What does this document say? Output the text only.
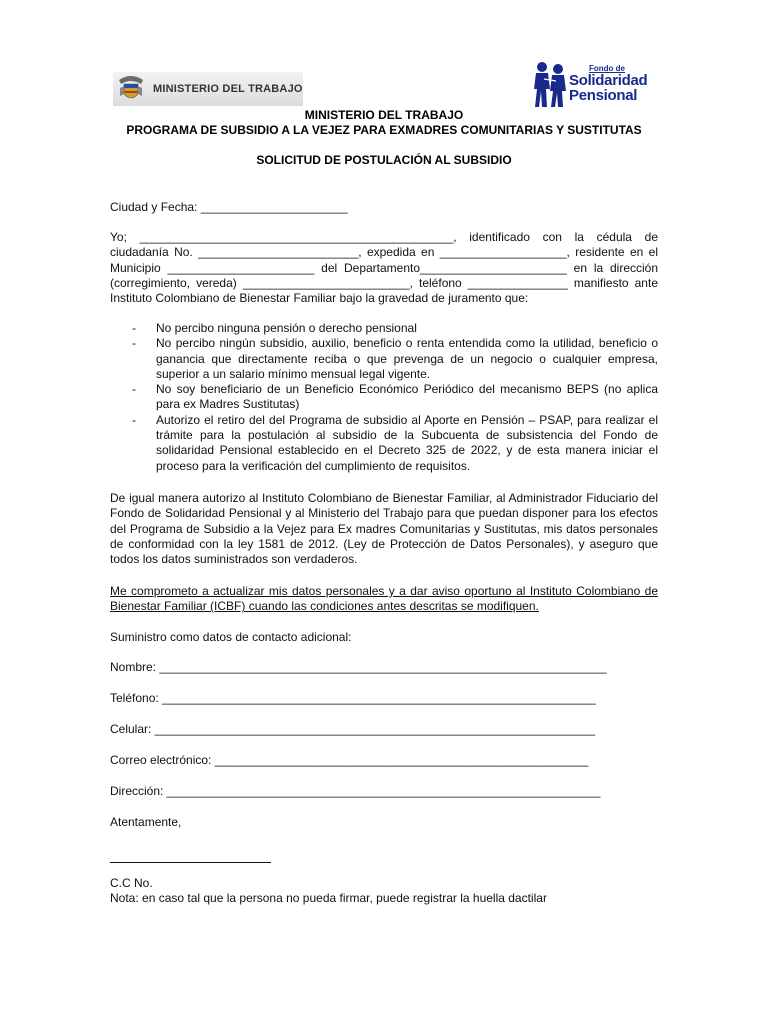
MINISTERIO DEL TRABAJO
Fondo de
Solidaridad
Pensional
MINISTERIO DEL TRABAJO
PROGRAMA DE SUBSIDIO A LA VEJEZ PARA EXMADRES COMUNITARIAS Y SUSTITUTAS
SOLICITUD DE POSTULACIÓN AL SUBSIDIO
Ciudad y Fecha: ______________________
Yo; _______________________________________________, identificado con la cédula de ciudadanía No. ________________________, expedida en ___________________, residente en el Municipio ______________________ del Departamento______________________ en la dirección (corregimiento, vereda) _________________________, teléfono _______________ manifiesto ante Instituto Colombiano de Bienestar Familiar bajo la gravedad de juramento que:
- No percibo ninguna pensión o derecho pensional
- No percibo ningún subsidio, auxilio, beneficio o renta entendida como la utilidad, beneficio o ganancia que directamente reciba o que prevenga de un negocio o cualquier empresa, superior a un salario mínimo mensual legal vigente.
- No soy beneficiario de un Beneficio Económico Periódico del mecanismo BEPS (no aplica para ex Madres Sustitutas)
- Autorizo el retiro del del Programa de subsidio al Aporte en Pensión – PSAP, para realizar el trámite para la postulación al subsidio de la Subcuenta de subsistencia del Fondo de solidaridad Pensional establecido en el Decreto 325 de 2022, y de esta manera iniciar el proceso para la verificación del cumplimiento de requisitos.
De igual manera autorizo al Instituto Colombiano de Bienestar Familiar, al Administrador Fiduciario del Fondo de Solidaridad Pensional y al Ministerio del Trabajo para que puedan disponer para los efectos del Programa de Subsidio a la Vejez para Ex madres Comunitarias y Sustitutas, mis datos personales de conformidad con la ley 1581 de 2012. (Ley de Protección de Datos Personales), y aseguro que todos los datos suministrados son verdaderos.
Me comprometo a actualizar mis datos personales y a dar aviso oportuno al Instituto Colombiano de Bienestar Familiar (ICBF) cuando las condiciones antes descritas se modifiquen.
Suministro como datos de contacto adicional:
Nombre: ___________________________________________________________________
Teléfono: _________________________________________________________________
Celular: __________________________________________________________________
Correo electrónico: ________________________________________________________
Dirección: _________________________________________________________________
Atentamente,
C.C No.
Nota: en caso tal que la persona no pueda firmar, puede registrar la huella dactilar
